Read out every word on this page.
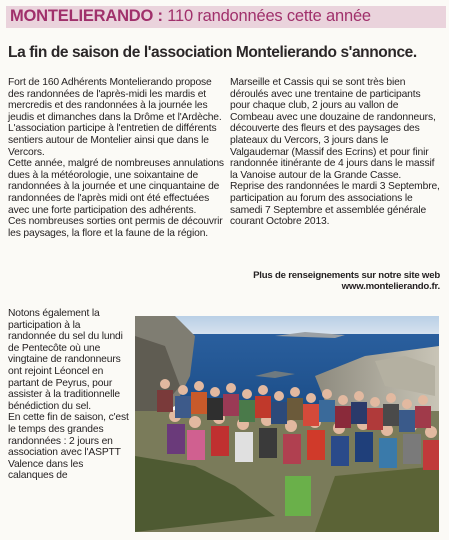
MONTELIERANDO : 110 randonnées cette année
La fin de saison de l'association Montelierando s'annonce.

Fort de 160 Adhérents Montelierando propose des randonnées de l'après-midi les mardis et mercredis et des randonnées à la journée les jeudis et dimanches dans la Drôme et l'Ardèche. L'association participe à l'entretien de différents sentiers autour de Montelier ainsi que dans le Vercors.

Cette année, malgré de nombreuses annulations dues à la météorologie, une soixantaine de randonnées à la journée et une cinquantaine de randonnées de l'après midi ont été effectuées avec une forte participation des adhérents.

Ces nombreuses sorties ont permis de découvrir les paysages, la flore et la faune de la région.

Notons également la participation à la randonnée du sel du lundi de Pentecôte où une vingtaine de randonneurs ont rejoint Léoncel en partant de Peyrus, pour assister à la traditionnelle bénédiction du sel.

En cette fin de saison, c'est le temps des grandes randonnées : 2 jours en association avec l'ASPTT Valence dans les calanques de

Marseille et Cassis qui se sont très bien déroulés avec une trentaine de participants pour chaque club, 2 jours au vallon de Combeau avec une douzaine de randonneurs, découverte des fleurs et des paysages des plateaux du Vercors, 3 jours dans le Valgaudemar (Massif des Ecrins) et pour finir randonnée itinérante de 4 jours dans le massif la Vanoise autour de la Grande Casse.

Reprise des randonnées le mardi 3 Septembre, participation au forum des associations le samedi 7 Septembre et assemblée générale courant Octobre 2013.

Plus de renseignements sur notre site web www.montelierando.fr.
